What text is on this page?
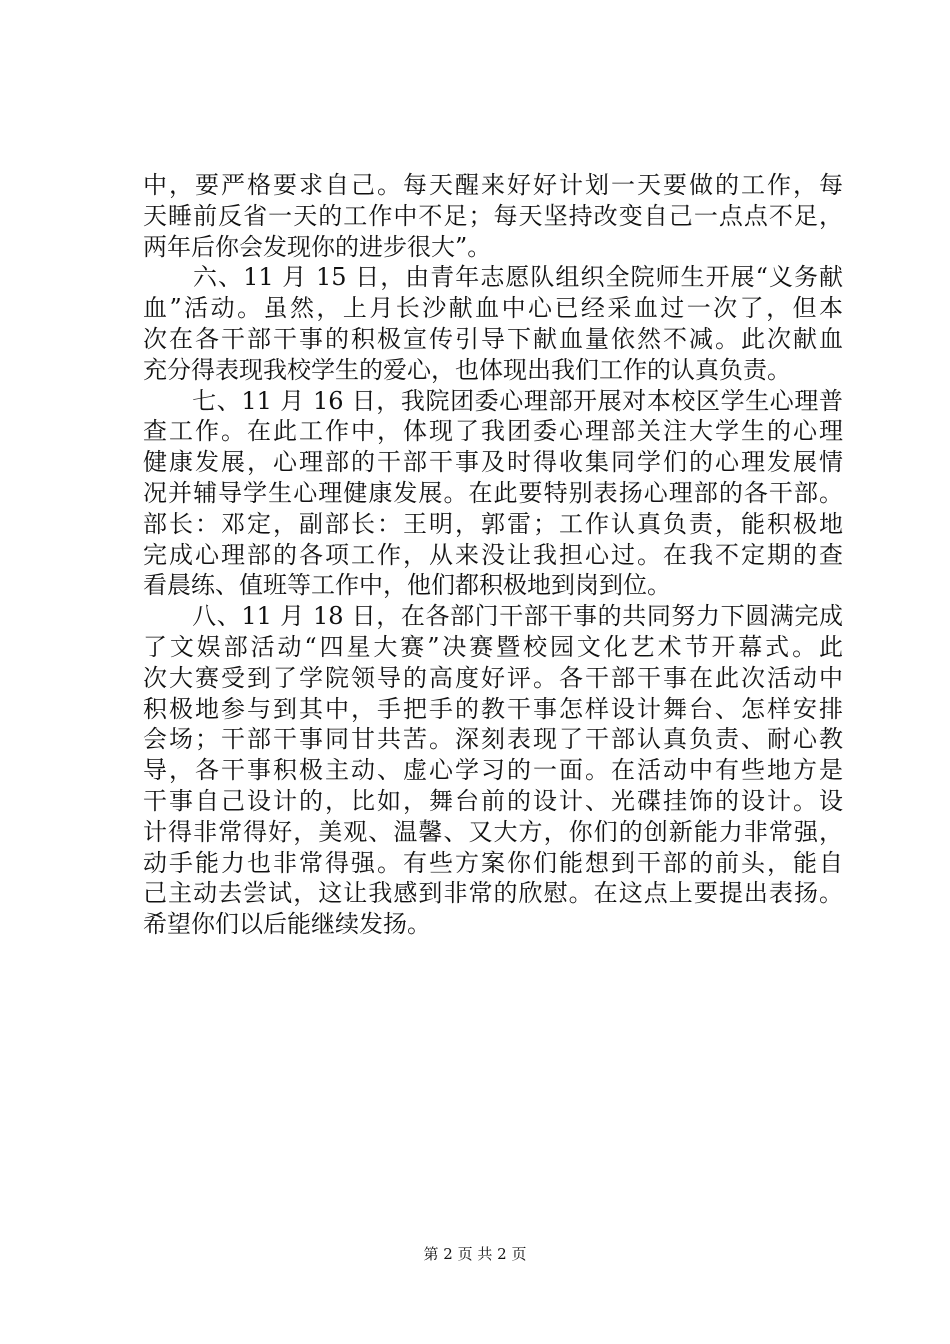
中，要严格要求自己。每天醒来好好计划一天要做的工作，每
天睡前反省一天的工作中不足；每天坚持改变自己一点点不足，
两年后你会发现你的进步很大”。
　　六、11 月 15 日，由青年志愿队组织全院师生开展“义务献
血”活动。虽然，上月长沙献血中心已经采血过一次了，但本
次在各干部干事的积极宣传引导下献血量依然不减。此次献血
充分得表现我校学生的爱心，也体现出我们工作的认真负责。
　　七、11 月 16 日，我院团委心理部开展对本校区学生心理普
查工作。在此工作中，体现了我团委心理部关注大学生的心理
健康发展，心理部的干部干事及时得收集同学们的心理发展情
况并辅导学生心理健康发展。在此要特别表扬心理部的各干部。
部长：邓定，副部长：王明，郭雷；工作认真负责，能积极地
完成心理部的各项工作，从来没让我担心过。在我不定期的查
看晨练、值班等工作中，他们都积极地到岗到位。
　　八、11 月 18 日，在各部门干部干事的共同努力下圆满完成
了文娱部活动“四星大赛”决赛暨校园文化艺术节开幕式。此
次大赛受到了学院领导的高度好评。各干部干事在此次活动中
积极地参与到其中，手把手的教干事怎样设计舞台、怎样安排
会场；干部干事同甘共苦。深刻表现了干部认真负责、耐心教
导，各干事积极主动、虚心学习的一面。在活动中有些地方是
干事自己设计的，比如，舞台前的设计、光碟挂饰的设计。设
计得非常得好，美观、温馨、又大方，你们的创新能力非常强，
动手能力也非常得强。有些方案你们能想到干部的前头，能自
己主动去尝试，这让我感到非常的欣慰。在这点上要提出表扬。
希望你们以后能继续发扬。
第 2 页 共 2 页
